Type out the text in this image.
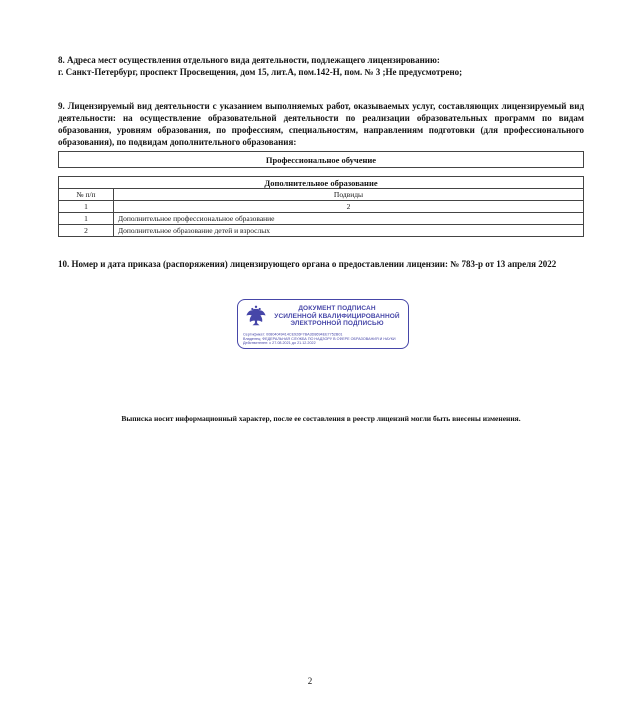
8. Адреса мест осуществления отдельного вида деятельности, подлежащего лицензированию:
г. Санкт-Петербург, проспект Просвещения, дом 15, лит.А, пом.142-Н, пом. № 3 ;Не предусмотрено;
9. Лицензируемый вид деятельности с указанием выполняемых работ, оказываемых услуг, составляющих лицензируемый вид деятельности: на осуществление образовательной деятельности по реализации образовательных программ по видам образования, уровням образования, по профессиям, специальностям, направлениям подготовки (для профессионального образования), по подвидам дополнительного образования:
Профессиональное обучение
Дополнительное образование	
№ п/п	Подвиды
1	2
1	Дополнительное профессиональное образование
2	Дополнительное образование детей и взрослых
10. Номер и дата приказа (распоряжения) лицензирующего органа о предоставлении лицензии: № 783-р от 13 апреля 2022
ДОКУМЕНТ ПОДПИСАН
УСИЛЕННОЙ КВАЛИФИЦИРОВАННОЙ
ЭЛЕКТРОННОЙ ПОДПИСЬЮ
Сертификат: 00804049414CE926F7BA3D8694EE7752B01
Владелец: ФЕДЕРАЛЬНАЯ СЛУЖБА ПО НАДЗОРУ В СФЕРЕ ОБРАЗОВАНИЯ И НАУКИ
Действителен: с 27.08.2021 до 21.12.2022
Выписка носит информационный характер, после ее составления в реестр лицензий могли быть внесены изменения.
2
